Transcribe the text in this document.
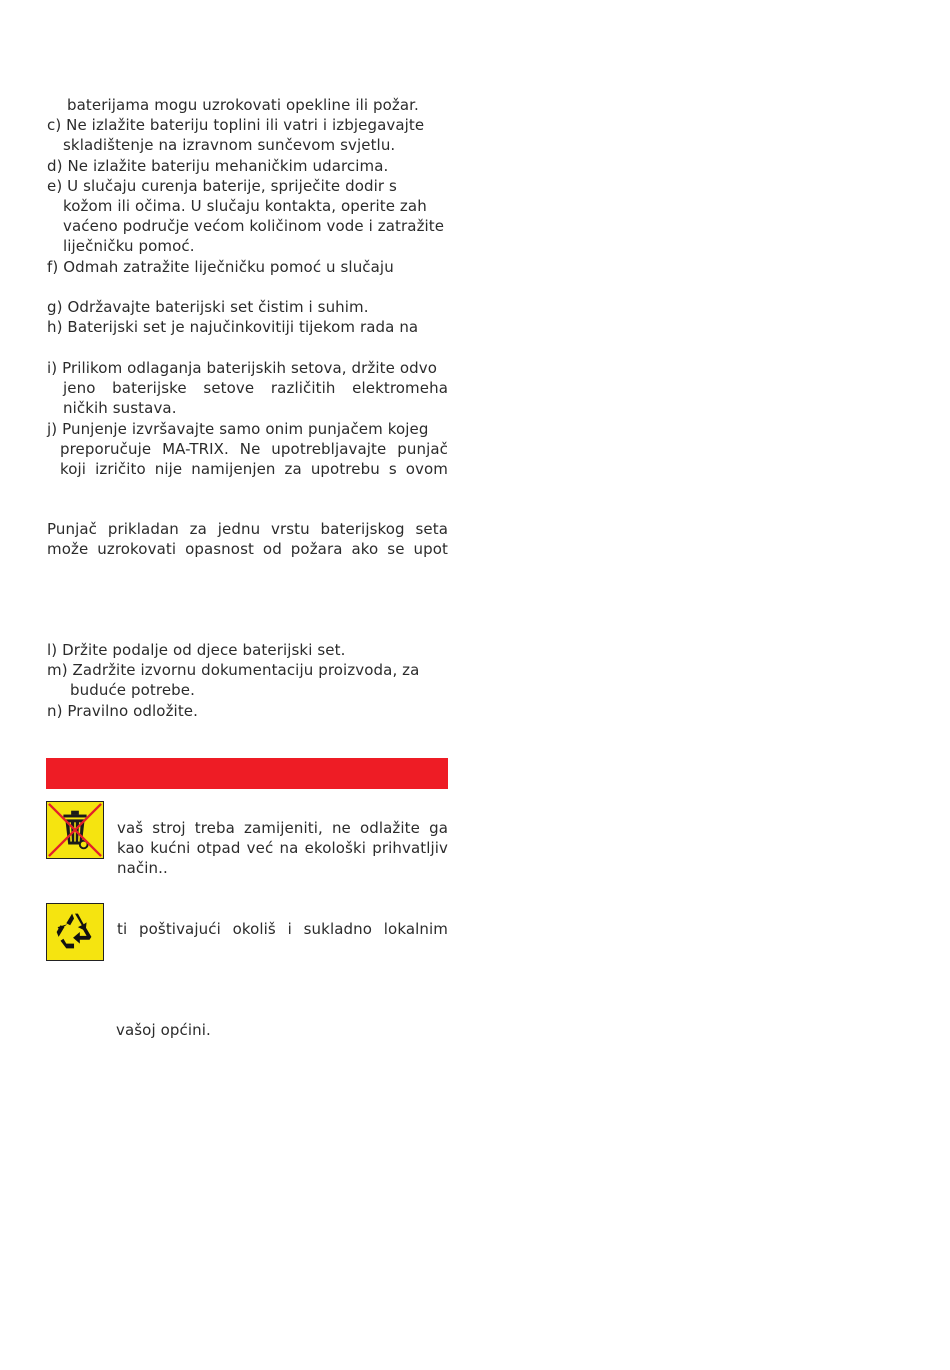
baterijama mogu uzrokovati opekline ili požar.
c) Ne izlažite bateriju toplini ili vatri i izbjegavajte
skladištenje na izravnom sunčevom svjetlu.
d) Ne izlažite bateriju mehaničkim udarcima.
e) U slučaju curenja baterije, spriječite dodir s
kožom ili očima. U slučaju kontakta, operite zah
vaćeno područje većom količinom vode i zatražite
liječničku pomoć.
f) Odmah zatražite liječničku pomoć u slučaju
g) Održavajte baterijski set čistim i suhim.
h) Baterijski set je najučinkovitiji tijekom rada na
i) Prilikom odlaganja baterijskih setova, držite odvo
jeno baterijske setove različitih elektromeha
ničkih sustava.
j) Punjenje izvršavajte samo onim punjačem kojeg
preporučuje MA-TRIX. Ne upotrebljavajte punjač
koji izričito nije namijenjen za upotrebu s ovom
Punjač prikladan za jednu vrstu baterijskog seta
može uzrokovati opasnost od požara ako se upot
l) Držite podalje od djece baterijski set.
m) Zadržite izvornu dokumentaciju proizvoda, za
buduće potrebe.
n) Pravilno odložite.
vaš stroj treba zamijeniti, ne odlažite ga
kao kućni otpad već na ekološki prihvatljiv
način..
ti poštivajući okoliš i sukladno lokalnim
vašoj općini.
